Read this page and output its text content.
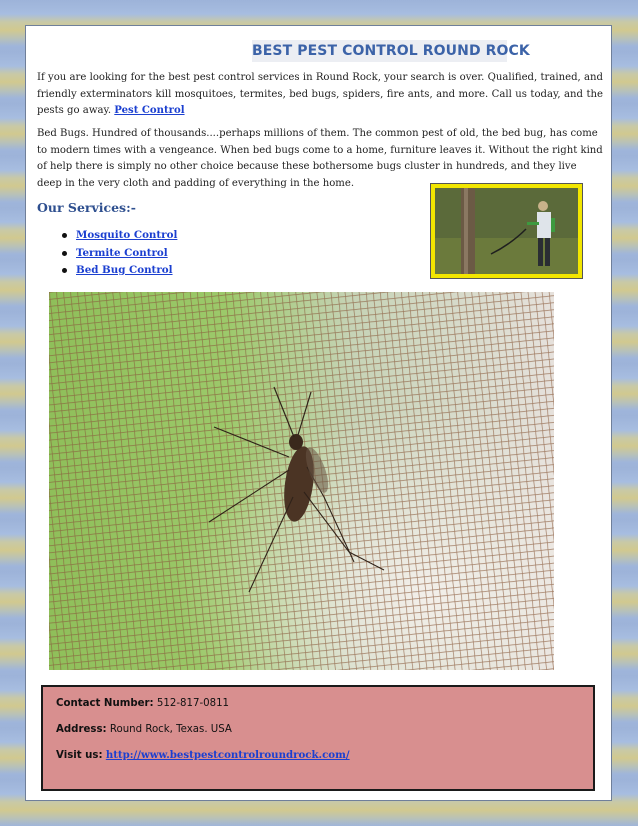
BEST PEST CONTROL ROUND ROCK

If you are looking for the best pest control services in Round Rock, your search is over. Qualified, trained, and friendly exterminators kill mosquitoes, termites, bed bugs, spiders, fire ants, and more. Call us today, and the pests go away. Pest Control

Bed Bugs. Hundred of thousands....perhaps millions of them. The common pest of old, the bed bug, has come to modern times with a vengeance. When bed bugs come to a home, furniture leaves it. Without the right kind of help there is simply no other choice because these bothersome bugs cluster in hundreds, and they live deep in the very cloth and padding of everything in the home.

Our Services:-
Mosquito Control
Termite Control
Bed Bug Control
Contact Number: 512-817-0811
Address: Round Rock, Texas. USA
Visit us: http://www.bestpestcontrolroundrock.com/
